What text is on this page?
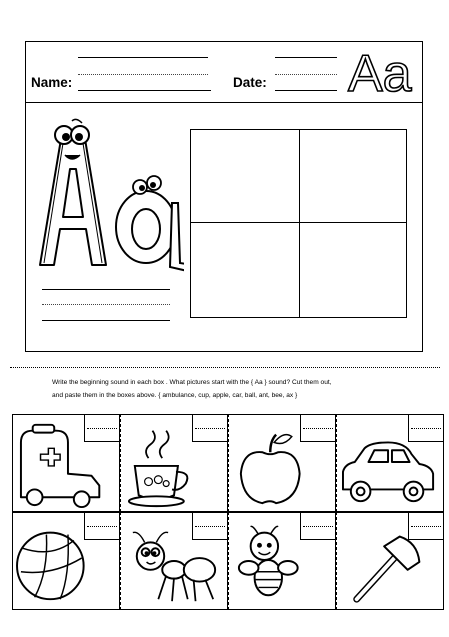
Name:	Date: Aa
Write the beginning sound in each box . What pictures start with the { Aa } sound? Cut them out,
and paste them in the boxes above. { ambulance, cup, apple, car, ball, ant, bee, ax }
